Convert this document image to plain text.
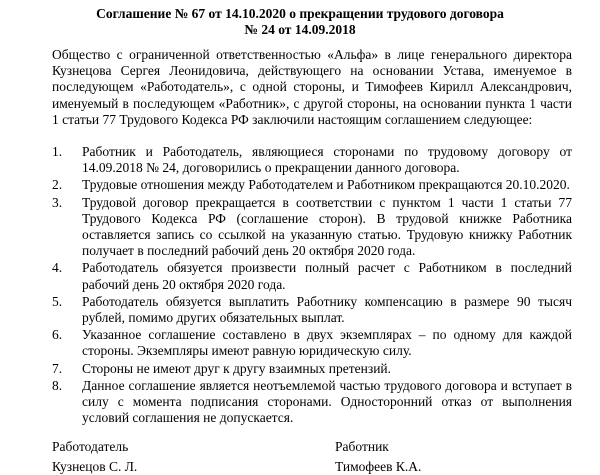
Соглашение № 67 от 14.10.2020 о прекращении трудового договора
№ 24 от 14.09.2018
Общество с ограниченной ответственностью «Альфа» в лице генерального директора Кузнецова Сергея Леонидовича, действующего на основании Устава, именуемое в последующем «Работодатель», с одной стороны, и Тимофеев Кирилл Александрович, именуемый в последующем «Работник», с другой стороны, на основании пункта 1 части 1 статьи 77 Трудового Кодекса РФ заключили настоящим соглашением следующее:
1. Работник и Работодатель, являющиеся сторонами по трудовому договору от 14.09.2018 № 24, договорились о прекращении данного договора.
2. Трудовые отношения между Работодателем и Работником прекращаются 20.10.2020.
3. Трудовой договор прекращается в соответствии с пунктом 1 части 1 статьи 77 Трудового Кодекса РФ (соглашение сторон). В трудовой книжке Работника оставляется запись со ссылкой на указанную статью. Трудовую книжку Работник получает в последний рабочий день 20 октября 2020 года.
4. Работодатель обязуется произвести полный расчет с Работником в последний рабочий день 20 октября 2020 года.
5. Работодатель обязуется выплатить Работнику компенсацию в размере 90 тысяч рублей, помимо других обязательных выплат.
6. Указанное соглашение составлено в двух экземплярах – по одному для каждой стороны. Экземпляры имеют равную юридическую силу.
7. Стороны не имеют друг к другу взаимных претензий.
8. Данное соглашение является неотъемлемой частью трудового договора и вступает в силу с момента подписания сторонами. Односторонний отказ от выполнения условий соглашения не допускается.
Работодатель
Кузнецов С. Л.
Работник
Тимофеев К.А.
